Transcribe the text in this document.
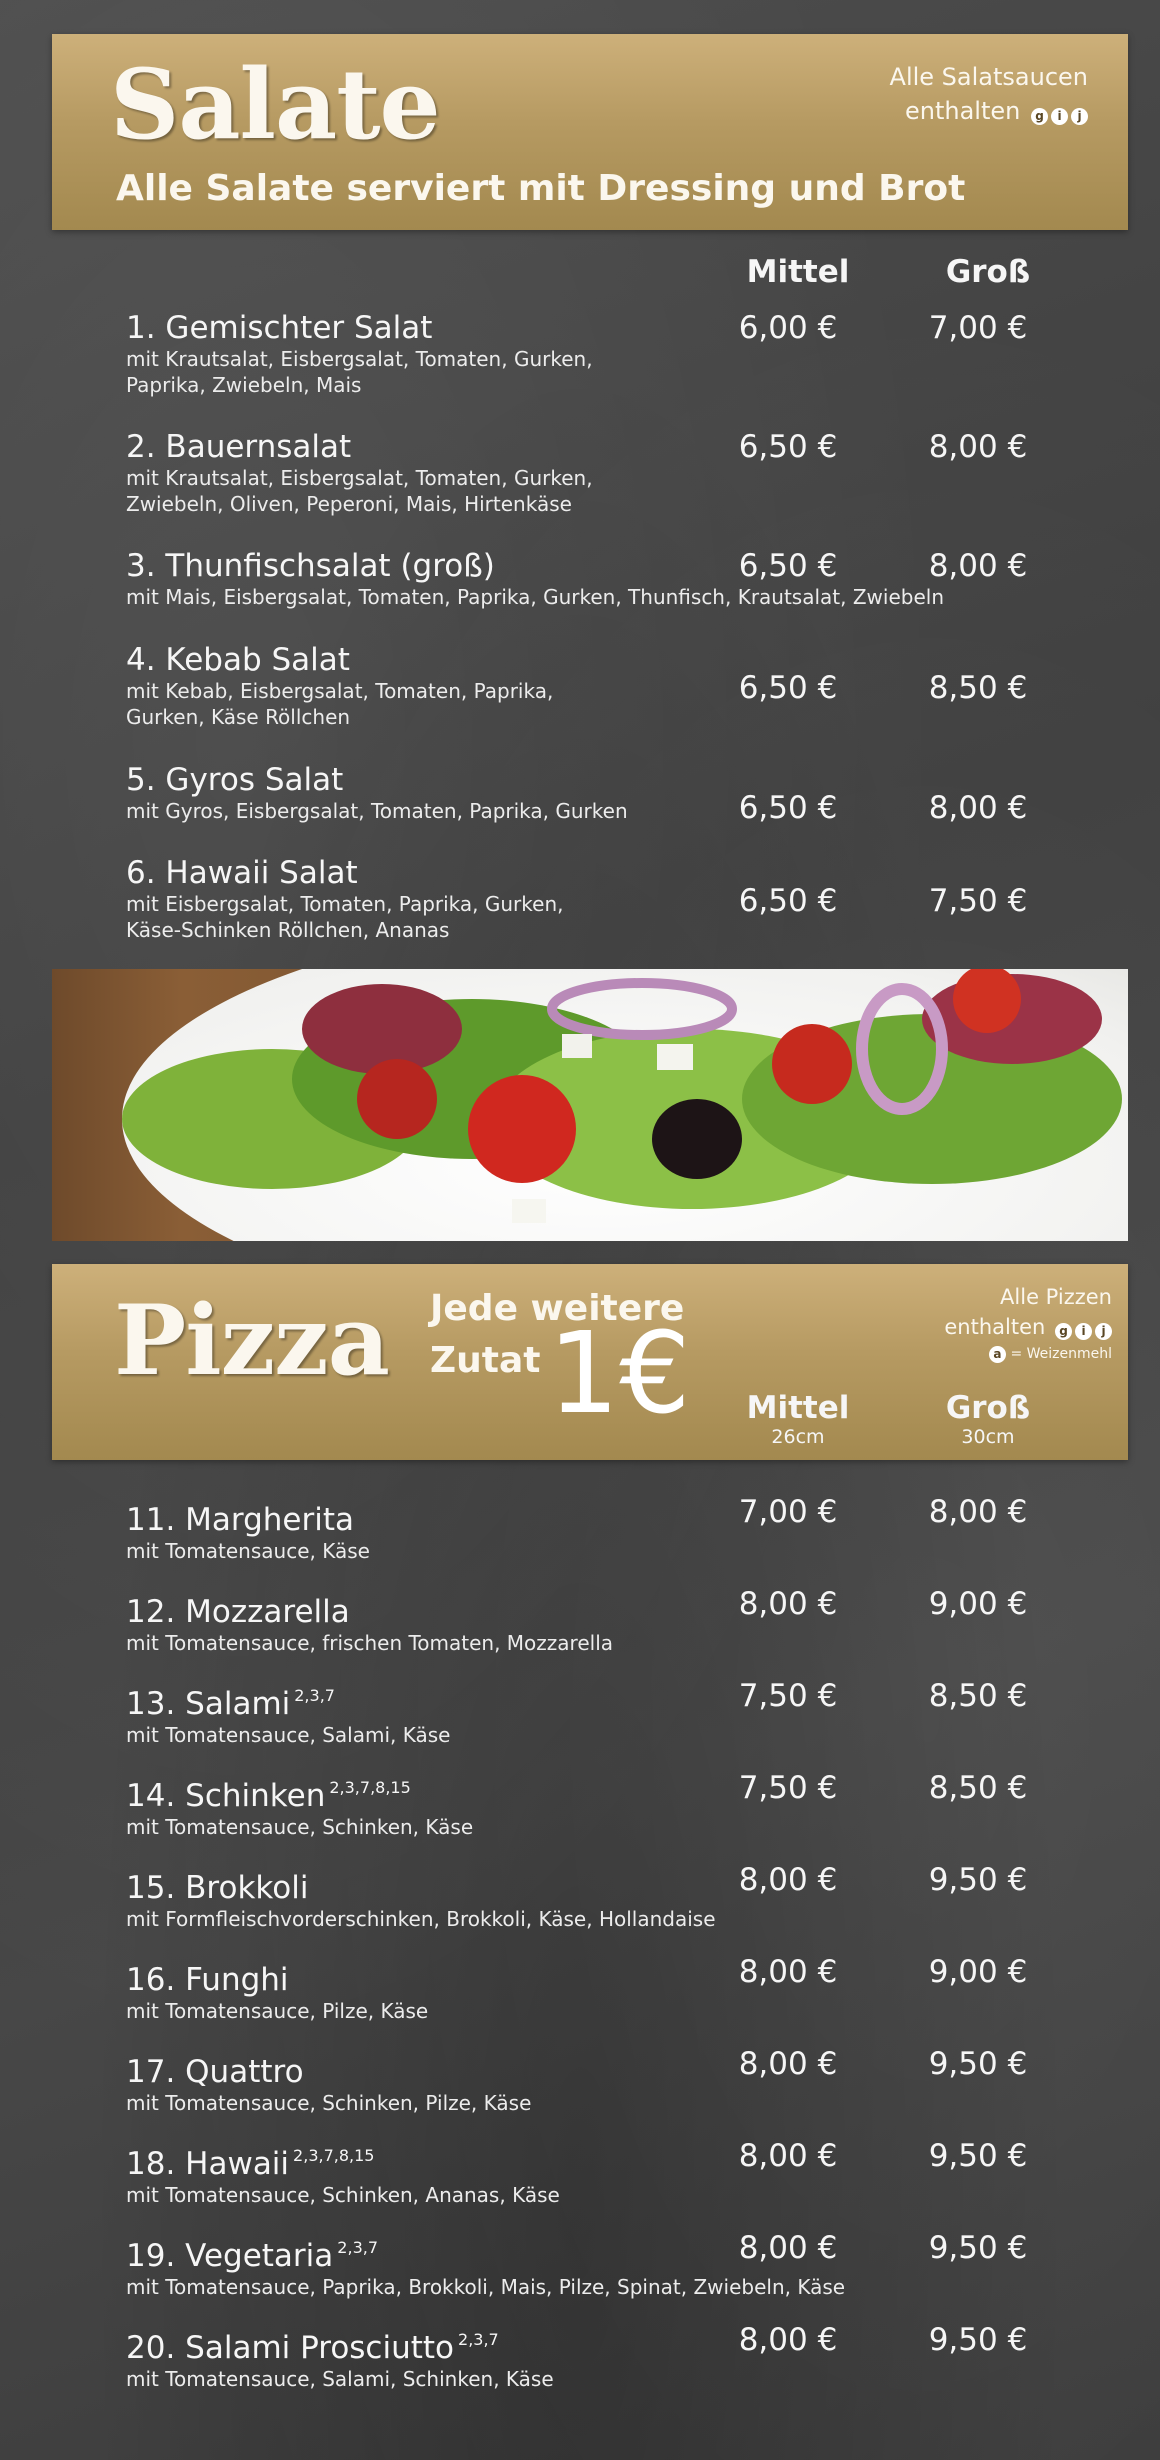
Salate
Alle Salate serviert mit Dressing und Brot
Alle Salatsaucen
enthalten g i j
Mittel	Groß
1. Gemischter Salat
mit Krautsalat, Eisbergsalat, Tomaten, Gurken,
Paprika, Zwiebeln, Mais
6,00 €	7,00 €
2. Bauernsalat
mit Krautsalat, Eisbergsalat, Tomaten, Gurken,
Zwiebeln, Oliven, Peperoni, Mais, Hirtenkäse
6,50 €	8,00 €
3. Thunfischsalat (groß)
mit Mais, Eisbergsalat, Tomaten, Paprika, Gurken, Thunfisch, Krautsalat, Zwiebeln
6,50 €	8,00 €
4. Kebab Salat
mit Kebab, Eisbergsalat, Tomaten, Paprika,
Gurken, Käse Röllchen
6,50 €	8,50 €
5. Gyros Salat
mit Gyros, Eisbergsalat, Tomaten, Paprika, Gurken	6,50 €	8,00 €
6. Hawaii Salat
mit Eisbergsalat, Tomaten, Paprika, Gurken,
Käse-Schinken Röllchen, Ananas
6,50 €	7,50 €
Pizza Jede weitere
Zutat 1€
Alle Pizzen
enthalten g i j
a = Weizenmehl
Mittel
26cm
Groß
30cm
11. Margherita
mit Tomatensauce, Käse
7,00 €	8,00 €
12. Mozzarella
mit Tomatensauce, frischen Tomaten, Mozzarella
8,00 €	9,00 €
13. Salami $^{2,3,7}$
mit Tomatensauce, Salami, Käse
7,50 €	8,50 €
14. Schinken $^{2,3,7,8,15}$
mit Tomatensauce, Schinken, Käse
7,50 €	8,50 €
15. Brokkoli
mit Formfleischvorderschinken, Brokkoli, Käse, Hollandaise
8,00 €	9,50 €
16. Funghi
mit Tomatensauce, Pilze, Käse
8,00 €	9,00 €
17. Quattro
mit Tomatensauce, Schinken, Pilze, Käse
8,00 €	9,50 €
18. Hawaii $^{2,3,7,8,15}$
mit Tomatensauce, Schinken, Ananas, Käse
8,00 €	9,50 €
19. Vegetaria $^{2,3,7}$
mit Tomatensauce, Paprika, Brokkoli, Mais, Pilze, Spinat, Zwiebeln, Käse
8,00 €	9,50 €
20. Salami Prosciutto $^{2,3,7}$
mit Tomatensauce, Salami, Schinken, Käse
8,00 €	9,50 €
